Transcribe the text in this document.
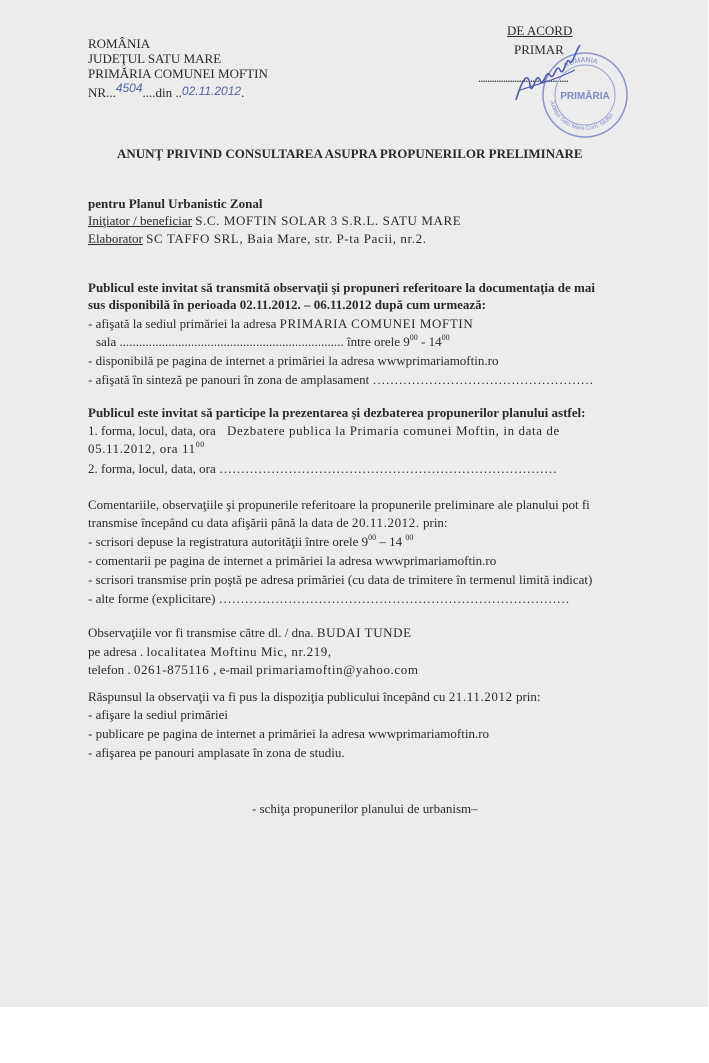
ROMÂNIA
JUDEŢUL SATU MARE
PRIMĂRIA COMUNEI MOFTIN
NR...4504....din ..02.11.2012.
DE ACORD
PRIMAR
........................................
ROMANIA
PRIMĂRIA
Judeţul Satu Mare Com. Moftin
ANUNŢ PRIVIND CONSULTAREA ASUPRA PROPUNERILOR PRELIMINARE
pentru Planul Urbanistic Zonal
Iniţiator / beneficiar S.C. MOFTIN SOLAR 3 S.R.L. SATU MARE
Elaborator SC TAFFO SRL, Baia Mare, str. P-ta Pacii, nr.2.
Publicul este invitat să transmită observaţii şi propuneri referitoare la documentaţia de mai
sus disponibilă în perioada 02.11.2012. – 06.11.2012 după cum urmează:
- afişată la sediul primăriei la adresa PRIMARIA COMUNEI MOFTIN
sala ..................................................................... între orele $9^{00} - 14^{00}$
- disponibilă pe pagina de internet a primăriei la adresa wwwprimariamoftin.ro
- afişată în sinteză pe panouri în zona de amplasament ……………………………………………
Publicul este invitat să participe la prezentarea şi dezbaterea propunerilor planului astfel:
1. forma, locul, data, ora Dezbatere publica la Primaria comunei Moftin, in data de
05.11.2012, ora $11^{00}$
2. forma, locul, data, ora ……………………………………………………………………
Comentariile, observaţiile şi propunerile referitoare la propunerile preliminare ale planului pot fi
transmise începând cu data afişării până la data de 20.11.2012. prin:
- scrisori depuse la registratura autorităţii între orele $9^{00} - 14$ $^{00}$
- comentarii pe pagina de internet a primăriei la adresa wwwprimariamoftin.ro
- scrisori transmise prin poştă pe adresa primăriei (cu data de trimitere în termenul limită indicat)
- alte forme (explicitare) ………………………………………………………………………
Observaţiile vor fi transmise către dl. / dna. BUDAI TUNDE
pe adresa . localitatea Moftinu Mic, nr.219,
telefon . 0261-875116 , e-mail primariamoftin@yahoo.com
Răspunsul la observaţii va fi pus la dispoziţia publicului începând cu 21.11.2012 prin:
- afişare la sediul primăriei
- publicare pe pagina de internet a primăriei la adresa wwwprimariamoftin.ro
- afişarea pe panouri amplasate în zona de studiu.
- schiţa propunerilor planului de urbanism–
